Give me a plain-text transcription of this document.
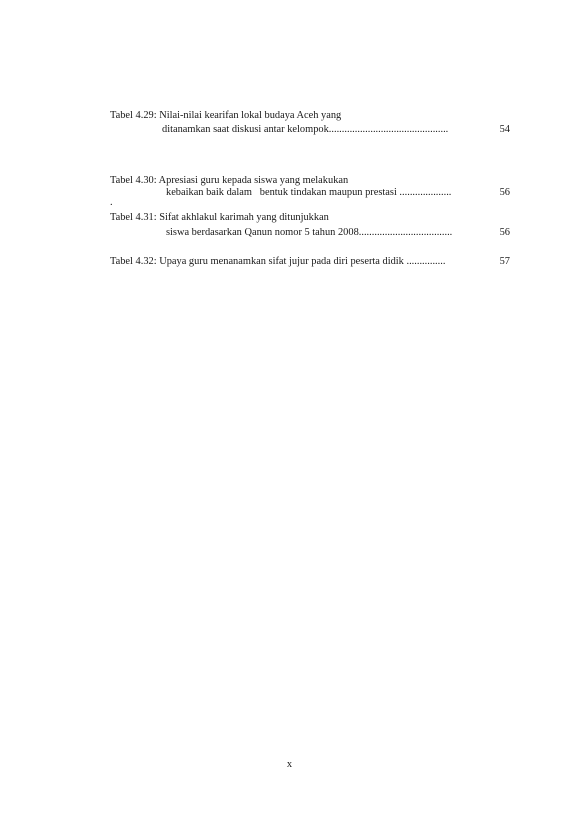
Tabel 4.29: Nilai-nilai kearifan lokal budaya Aceh yang
ditanamkan saat diskusi antar kelompok..............................................	54
Tabel 4.30: Apresiasi guru kepada siswa yang melakukan
kebaikan baik dalam   bentuk tindakan maupun prestasi ....................	56
.
Tabel 4.31: Sifat akhlakul karimah yang ditunjukkan
siswa berdasarkan Qanun nomor 5 tahun 2008....................................	56
Tabel 4.32: Upaya guru menanamkan sifat jujur pada diri peserta didik ...............	57
x
